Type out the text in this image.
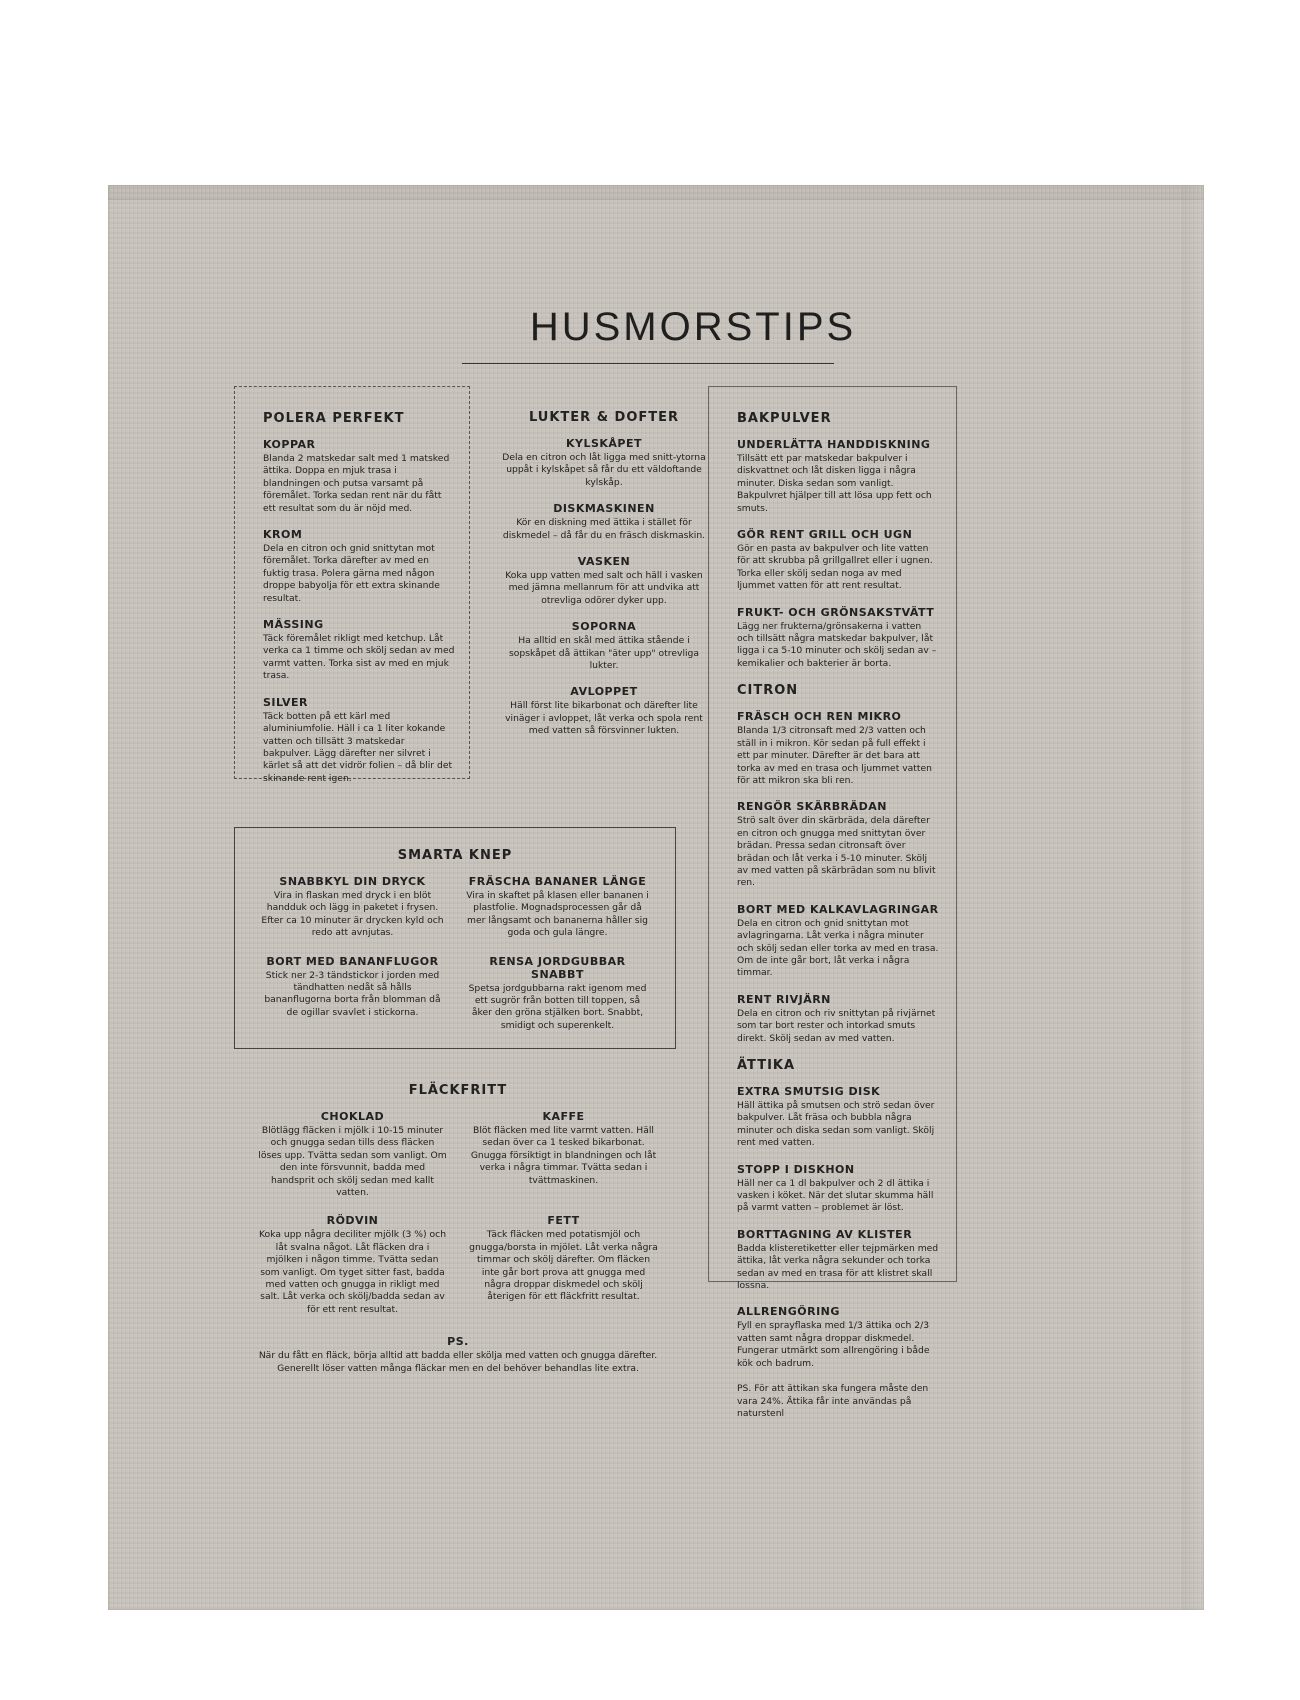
HUSMORSTIPS
POLERA PERFEKT
KOPPAR
Blanda 2 matskedar salt med 1 matsked ättika. Doppa en mjuk trasa i blandningen och putsa varsamt på föremålet. Torka sedan rent när du fått ett resultat som du är nöjd med.
KROM
Dela en citron och gnid snittytan mot föremålet. Torka därefter av med en fuktig trasa. Polera gärna med någon droppe babyolja för ett extra skinande resultat.
MÄSSING
Täck föremålet rikligt med ketchup. Låt verka ca 1 timme och skölj sedan av med varmt vatten. Torka sist av med en mjuk trasa.
SILVER
Täck botten på ett kärl med aluminiumfolie. Häll i ca 1 liter kokande vatten och tillsätt 3 matskedar bakpulver. Lägg därefter ner silvret i kärlet så att det vidrör folien – då blir det skinande rent igen.
LUKTER & DOFTER
KYLSKÅPET
Dela en citron och låt ligga med snitt-ytorna uppåt i kylskåpet så får du ett väldoftande kylskåp.
DISKMASKINEN
Kör en diskning med ättika i stället för diskmedel – då får du en fräsch diskmaskin.
VASKEN
Koka upp vatten med salt och häll i vasken med jämna mellanrum för att undvika att otrevliga odörer dyker upp.
SOPORNA
Ha alltid en skål med ättika stående i sopskåpet då ättikan "äter upp" otrevliga lukter.
AVLOPPET
Häll först lite bikarbonat och därefter lite vinäger i avloppet, låt verka och spola rent med vatten så försvinner lukten.
SMARTA KNEP
SNABBKYL DIN DRYCK
Vira in flaskan med dryck i en blöt handduk och lägg in paketet i frysen. Efter ca 10 minuter är drycken kyld och redo att avnjutas.
FRÄSCHA BANANER LÄNGE
Vira in skaftet på klasen eller bananen i plastfolie. Mognadsprocessen går då mer långsamt och bananerna håller sig goda och gula längre.
BORT MED BANANFLUGOR
Stick ner 2-3 tändstickor i jorden med tändhatten nedåt så hålls bananflugorna borta från blomman då de ogillar svavlet i stickorna.
RENSA JORDGUBBAR SNABBT
Spetsa jordgubbarna rakt igenom med ett sugrör från botten till toppen, så åker den gröna stjälken bort. Snabbt, smidigt och superenkelt.
FLÄCKFRITT
CHOKLAD
Blötlägg fläcken i mjölk i 10-15 minuter och gnugga sedan tills dess fläcken löses upp. Tvätta sedan som vanligt. Om den inte försvunnit, badda med handsprit och skölj sedan med kallt vatten.
KAFFE
Blöt fläcken med lite varmt vatten. Häll sedan över ca 1 tesked bikarbonat. Gnugga försiktigt in blandningen och låt verka i några timmar. Tvätta sedan i tvättmaskinen.
RÖDVIN
Koka upp några deciliter mjölk (3 %) och låt svalna något. Låt fläcken dra i mjölken i någon timme. Tvätta sedan som vanligt. Om tyget sitter fast, badda med vatten och gnugga in rikligt med salt. Låt verka och skölj/badda sedan av för ett rent resultat.
FETT
Täck fläcken med potatismjöl och gnugga/borsta in mjölet. Låt verka några timmar och skölj därefter. Om fläcken inte går bort prova att gnugga med några droppar diskmedel och skölj återigen för ett fläckfritt resultat.
PS.
När du fått en fläck, börja alltid att badda eller skölja med vatten och gnugga därefter. Generellt löser vatten många fläckar men en del behöver behandlas lite extra.
BAKPULVER
UNDERLÄTTA HANDDISKNING
Tillsätt ett par matskedar bakpulver i diskvattnet och låt disken ligga i några minuter. Diska sedan som vanligt. Bakpulvret hjälper till att lösa upp fett och smuts.
GÖR RENT GRILL OCH UGN
Gör en pasta av bakpulver och lite vatten för att skrubba på grillgallret eller i ugnen. Torka eller skölj sedan noga av med ljummet vatten för att rent resultat.
FRUKT- OCH GRÖNSAKSTVÄTT
Lägg ner frukterna/grönsakerna i vatten och tillsätt några matskedar bakpulver, låt ligga i ca 5-10 minuter och skölj sedan av – kemikalier och bakterier är borta.
CITRON
FRÄSCH OCH REN MIKRO
Blanda 1/3 citronsaft med 2/3 vatten och ställ in i mikron. Kör sedan på full effekt i ett par minuter. Därefter är det bara att torka av med en trasa och ljummet vatten för att mikron ska bli ren.
RENGÖR SKÄRBRÄDAN
Strö salt över din skärbräda, dela därefter en citron och gnugga med snittytan över brädan. Pressa sedan citronsaft över brädan och låt verka i 5-10 minuter. Skölj av med vatten på skärbrädan som nu blivit ren.
BORT MED KALKAVLAGRINGAR
Dela en citron och gnid snittytan mot avlagringarna. Låt verka i några minuter och skölj sedan eller torka av med en trasa. Om de inte går bort, låt verka i några timmar.
RENT RIVJÄRN
Dela en citron och riv snittytan på rivjärnet som tar bort rester och intorkad smuts direkt. Skölj sedan av med vatten.
ÄTTIKA
EXTRA SMUTSIG DISK
Häll ättika på smutsen och strö sedan över bakpulver. Låt fräsa och bubbla några minuter och diska sedan som vanligt. Skölj rent med vatten.
STOPP I DISKHON
Häll ner ca 1 dl bakpulver och 2 dl ättika i vasken i köket. När det slutar skumma häll på varmt vatten – problemet är löst.
BORTTAGNING AV KLISTER
Badda klisteretiketter eller tejpmärken med ättika, låt verka några sekunder och torka sedan av med en trasa för att klistret skall lossna.
ALLRENGÖRING
Fyll en sprayflaska med 1/3 ättika och 2/3 vatten samt några droppar diskmedel. Fungerar utmärkt som allrengöring i både kök och badrum.
PS. För att ättikan ska fungera måste den vara 24%. Ättika får inte användas på naturstenl
